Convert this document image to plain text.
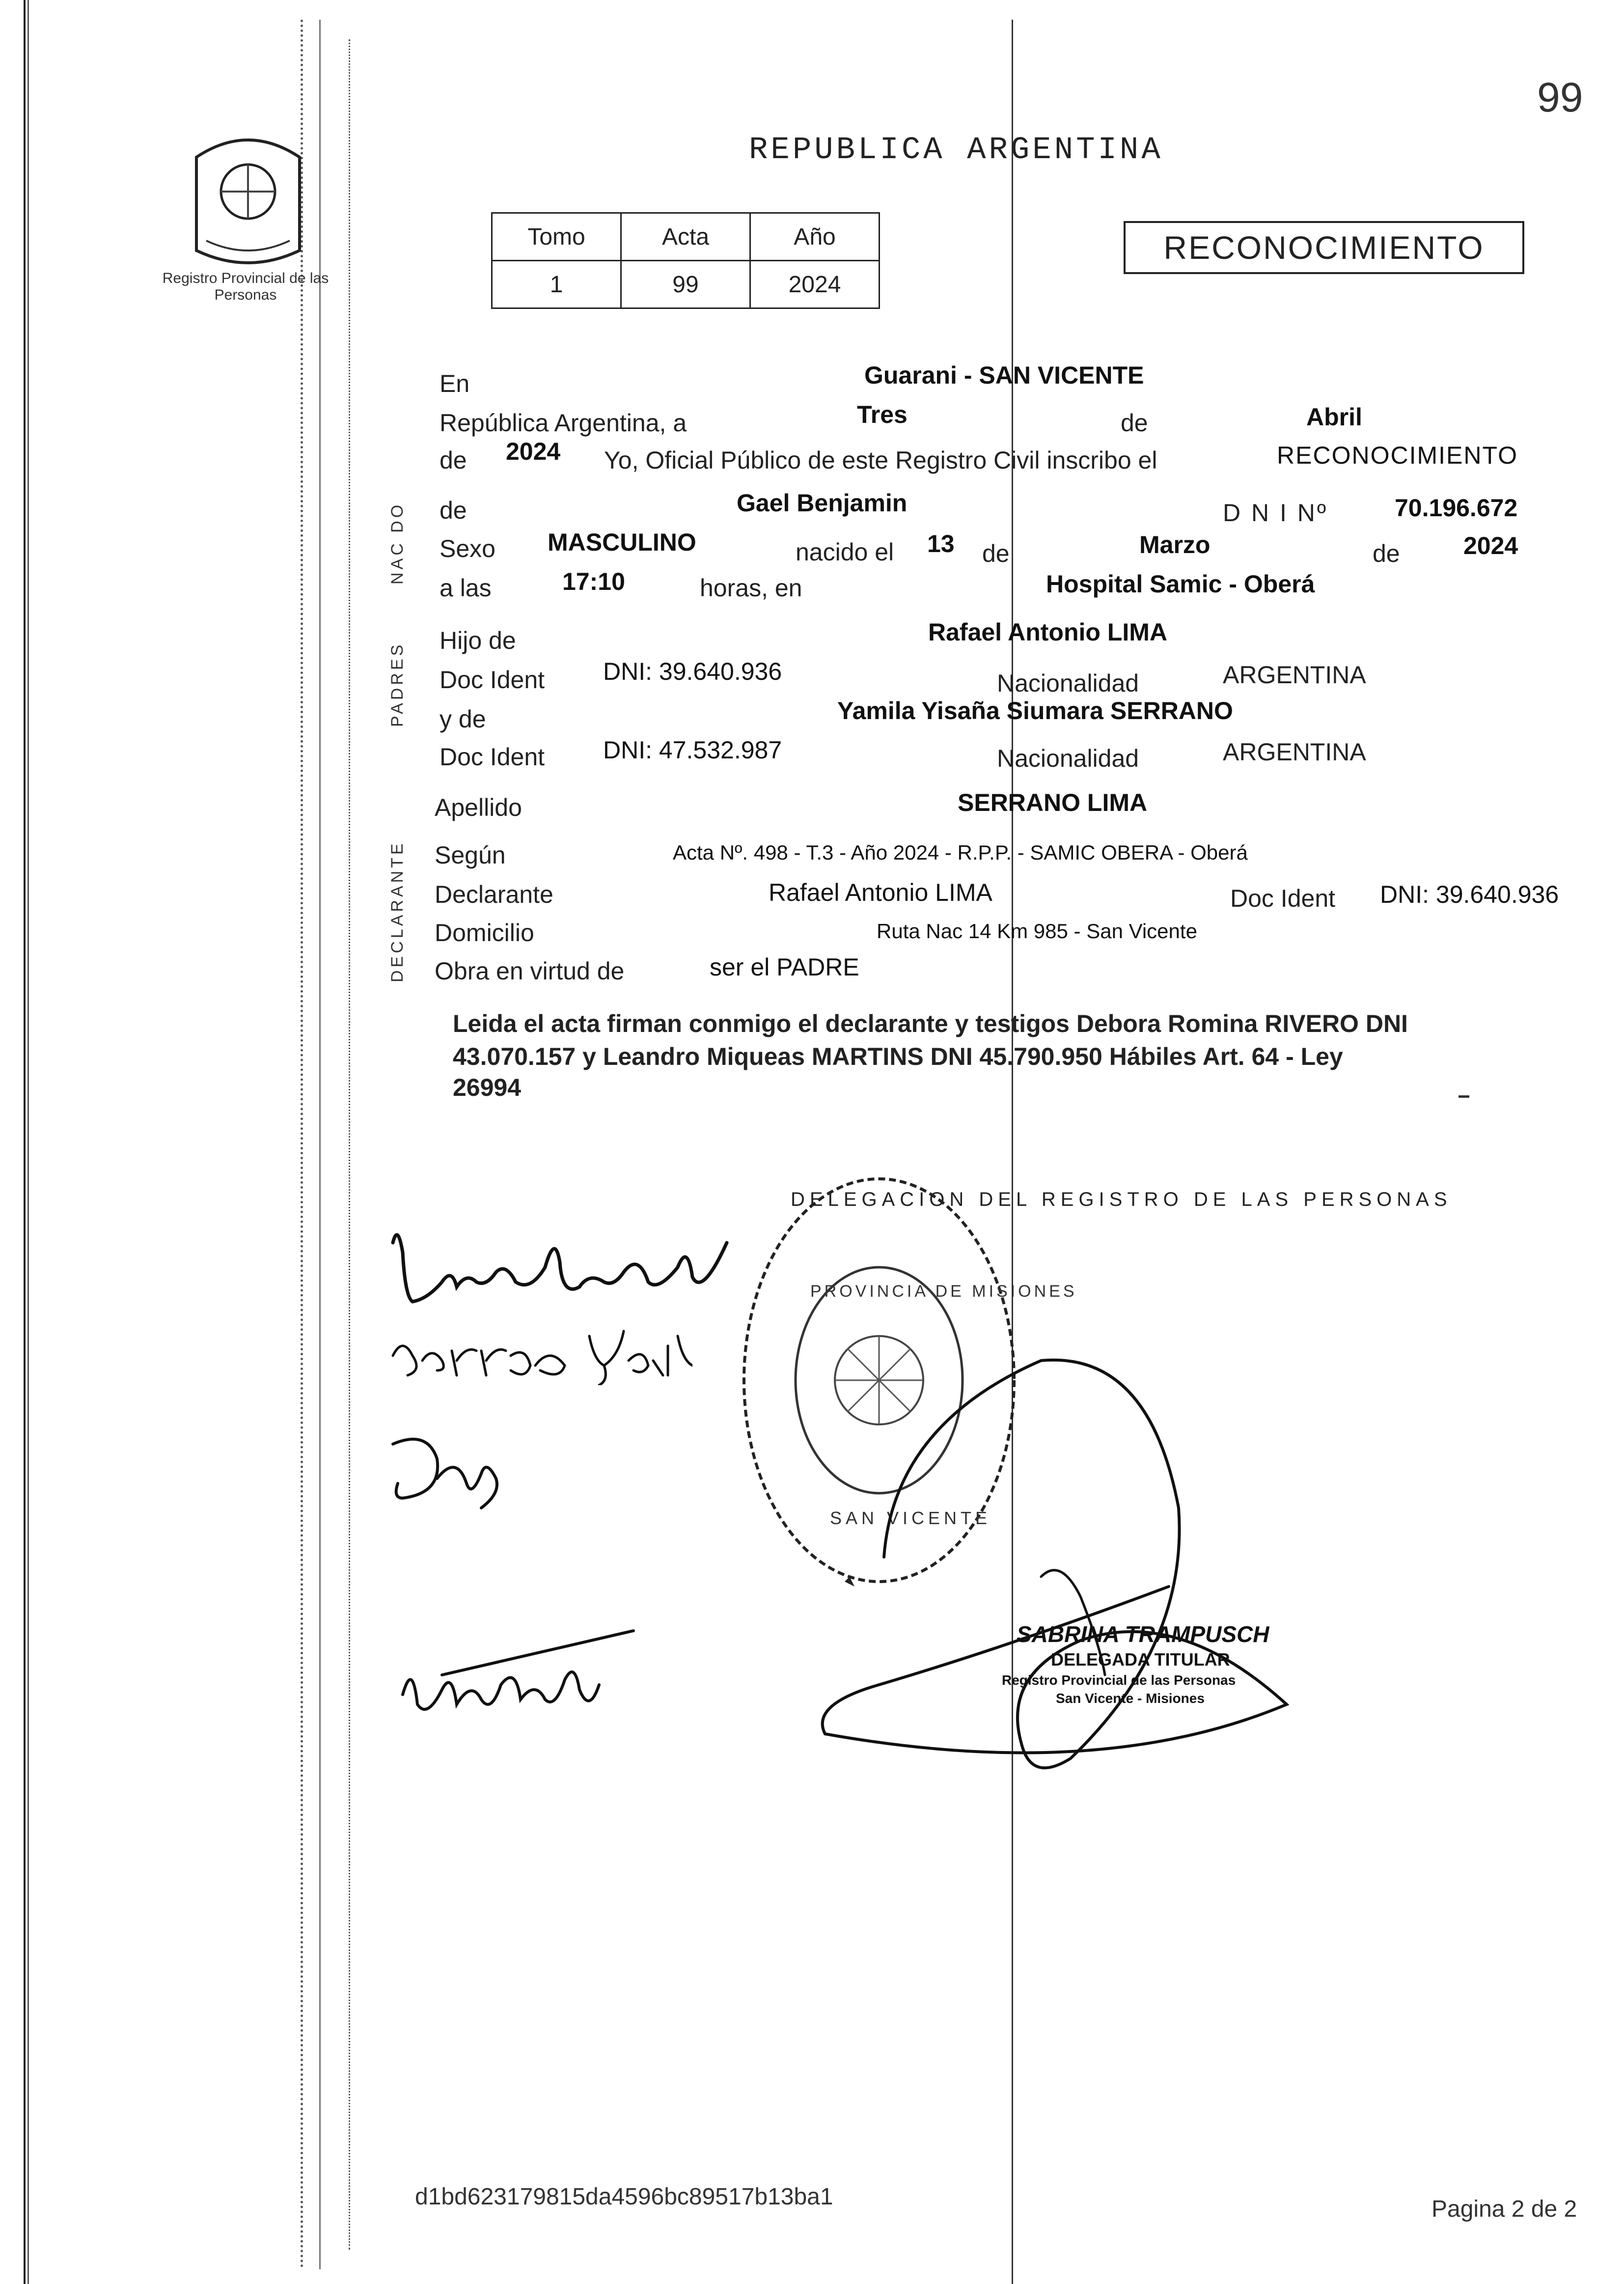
99
Registro Provincial de las Personas
REPUBLICA ARGENTINA
Tomo	Acta	Año
1	99	2024
RECONOCIMIENTO
NAC DO
PADRES
DECLARANTE
En	Guarani - SAN VICENTE
República Argentina, a	Tres	de	Abril
de 2024 Yo, Oficial Público de este Registro Civil inscribo el	RECONOCIMIENTO
de	Gael Benjamin	D N I Nº	70.196.672
Sexo MASCULINO	nacido el 13 de	Marzo	de	2024
a las	17:10	horas, en	Hospital Samic - Oberá
Hijo de	Rafael Antonio LIMA
Doc Ident DNI: 39.640.936	Nacionalidad	ARGENTINA
y de	Yamila Yisaña Siumara SERRANO
Doc Ident DNI: 47.532.987	Nacionalidad	ARGENTINA
Apellido	SERRANO LIMA
Según	Acta Nº. 498 - T.3 - Año 2024 - R.P.P. - SAMIC OBERA - Oberá
Declarante	Rafael Antonio LIMA	Doc Ident DNI: 39.640.936
Domicilio	Ruta Nac 14 Km 985 - San Vicente
Obra en virtud de	ser el PADRE
Leida el acta firman conmigo el declarante y testigos Debora Romina RIVERO DNI
43.070.157 y Leandro Miqueas MARTINS DNI 45.790.950 Hábiles Art. 64 - Ley
26994
DELEGACION DEL REGISTRO DE LAS PERSONAS
PROVINCIA DE MISIONES
SAN VICENTE
SABRINA TRAMPUSCH
DELEGADA TITULAR
Registro Provincial de las Personas
San Vicente - Misiones
d1bd623179815da4596bc89517b13ba1	Pagina 2 de 2
